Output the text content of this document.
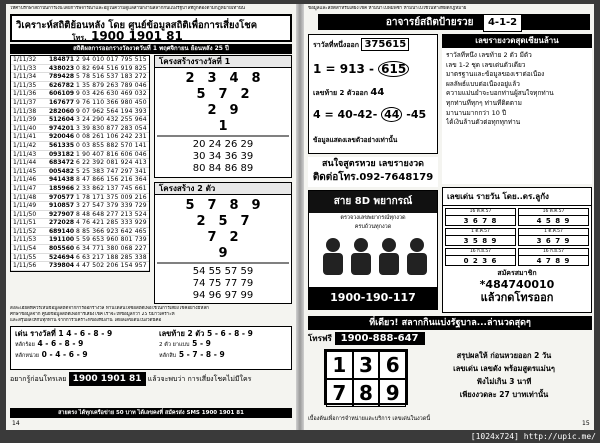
ให้คำปรึกษาสถาบันการเงินโดยการพิจารณาและอยู่ในความดูแลสำนักงานสลากกินแบ่งรัฐบาลที่ถูกต้องตามกฎหมายเท่านั้น
วิเคราะห์สถิติย้อนหลัง โดย ศูนย์ข้อมูลสถิติเพื่อการเสี่ยงโชค
โทร. 1900 1901 81
สถิติผลการออกรางวัลงวดวันที่ 1 พฤศจิกายน ย้อนหลัง 25 ปี
1/11/32	184871 2 94 010 017 795 515
1/11/33	438023 0 82 694 516 919 825
1/11/34	789428 5 78 516 537 183 272
1/11/35	626782 1 35 879 263 789 046
1/11/36	606109 9 03 426 630 469 032
1/11/37	167677 9 76 110 366 980 450
1/11/38	282060 9 07 962 564 194 393
1/11/39	512604 3 24 290 432 255 964
1/11/40	974201 3 39 830 877 283 054
1/11/41	920046 0 08 261 106 242 231
1/11/42	561335 0 03 855 882 570 141
1/11/43	093182 1 90 407 816 606 046
1/11/44	683472 6 22 392 081 924 413
1/11/45	005482 5 25 383 747 297 341
1/11/46	941438 8 47 866 156 216 364
1/11/47	185966 2 33 862 137 745 661
1/11/48	970577 1 78 171 375 009 216
1/11/49	910857 3 27 547 379 339 729
1/11/50	927907 8 48 648 277 213 524
1/11/51	272028 4 76 421 285 333 929
1/11/52	689140 8 85 366 923 642 465
1/11/53	191100 5 59 653 960 801 739
1/11/54	805560 6 34 771 380 068 227
1/11/55	524694 6 63 217 188 285 338
1/11/56	739804 4 47 502 206 154 957
โครงสร้างรางวัลที่ 1
2 3 4 8
5 7 2
2 9
1
20 24 26 29
30 34 36 39
80 84 86 89
โครงสร้าง 2 ตัว
5 7 8 9
2 5 7
7 2
9
54 55 57 59
74 75 77 79
94 96 97 99
สิ่งละเอียดที่ควรเห็นข้อมูลสถิติจากการออกรางวัล ท่านใดสนใจซื้อสถิติเพื่อใช้ในการเสี่ยงโชคอย่างมีหลัก
ศึกษาข้อมูลจาก ศูนย์ข้อมูลสถิติเพื่อการเสี่ยงโชค เราจะให้ข้อมูลกว่า 25 ปีมาวิเคราะห์
และสรุปผลให้กับทุกท่าน จากการวิเคราะห์ของทีมงาน ได้ผลเลขเด่นในงวดนี้คือ
เด่น รางวัลที่ 1 4 - 6 - 8 - 9
หลักร้อย 4 - 6 - 8 - 9
หลักหน่วย 0 - 4 - 6 - 9
เลขท้าย 2 ตัว 5 - 6 - 8 - 9
2 ตัว ยาแบบ 5 - 9
หลักสิบ 5 - 7 - 8 - 9
อยากรู้ก่อนโทรเลย 1900 1901 81 แล้วจะพบว่า การเสี่ยงโชคไม่มีใคร
สายตรง ได้ทุกเครือข่าย 50 บาท ได้เลขคงที่ สมัครส่ง SMS 1900 1901 81
14
ข้อมูลและสถิติสำหรับเสี่ยงโชค ห้ามนำไปพิมพ์ซ้ำ ห้ามนำไปใช้ในทางที่ผิดกฎหมาย
อาจารย์สถิตป้ายรวย 4-1-2
ราวัลที่หนึ่งออก 375615
1 = 913 - 615
เลขท้าย 2 ตัวออก 44
4 = 40-42- 44 -45
ข้อมูลแสดงเลขตัวอย่างเท่านั้น
เลขรายงวดสุดเซียนล้าน
ราวัลที่หนึ่ง เลขท้าย 2 ตัว มีตัว
เลข 1-2 ชุด เลขเด่นตัวเดียว
มาตรฐานและข้อมูลของเราต่อเนื่อง
ผลลัพธ์แบบต่อเนื่องอยู่แล้ว
ความแม่นยำจะบอกท่านผู้สนใจทุกท่าน
ทุกท่านที่ทุกๆ ท่านที่ติดตาม
มานานมากกว่า 10 ปี
ได้เงินล้านตัวต่อทุกทุกท่าน
สนใจสูตรหวย เลขรายงวด
ติดต่อโทร.092-7648179
สาย 8D พยากรณ์
ตรวจวงเลขพยากรณ์ทุกงวด
ครบถ้วนทุกงวด
1900-190-117
เลขเด่น รายวัน โดย..ดร.ลูกัง
16 ต.ค.57
3 6 7 8
16 ต.ค.57
4 5 8 9
1 ต.ค.57
3 5 8 9
1 ต.ค.57
3 6 7 9
16 ก.ย.57
0 2 3 6
16 ก.ย.57
4 7 8 9
สมัครสมาชิก
*484740010
แล้วกดโทรออก
ที่เดียว! สลากกินแบ่งรัฐบาล...ล่านวดสุดๆ
โทรฟรี 1900-888-647
1 3 6
7 8 9
สรุปผลให้ ก่อนหวยออก 2 วัน
เลขเด่น เลขดัง พร้อมสูตรแม่นๆ
ฟังไม่เกิน 3 นาที
เพียงงวดละ 27 บาทเท่านั้น
เบื้องต้นเพื่อการจำหน่ายและบริการ เลขเด่นในงวดนี้
15
[1024x724] http://upic.me/
